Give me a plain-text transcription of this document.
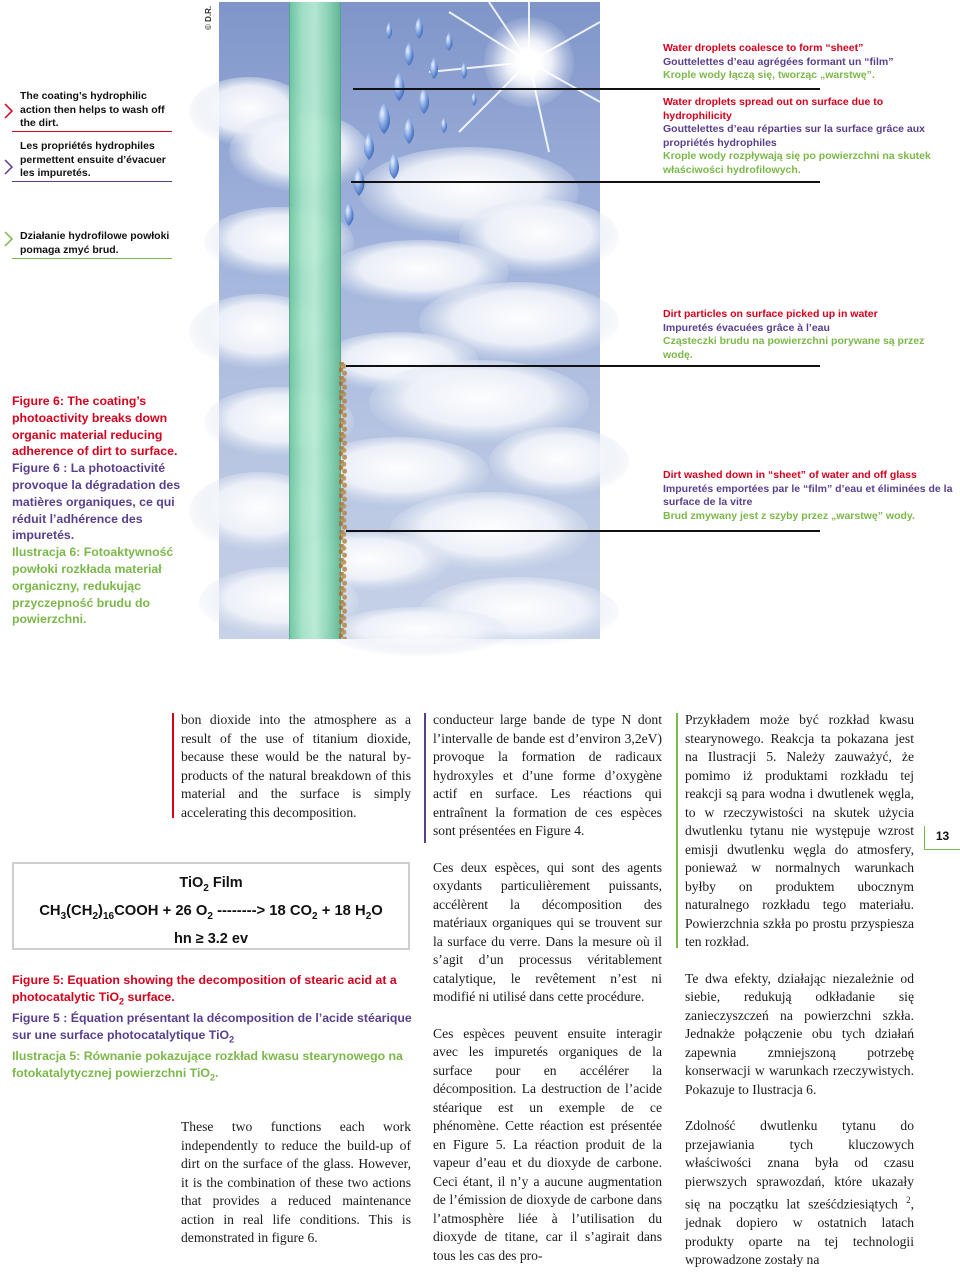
© D.R.
Water droplets coalesce to form “sheet”
Gouttelettes d’eau agrégées formant un “film”
Krople wody łączą się, tworząc „warstwę”.
Water droplets spread out on surface due to hydrophilicity
Gouttelettes d’eau réparties sur la surface grâce aux propriétés hydrophiles
Krople wody rozpływają się po powierzchni na skutek właściwości hydrofilowych.
Dirt particles on surface picked up in water
Impuretés évacuées grâce à l’eau
Cząsteczki brudu na powierzchni porywane są przez wodę.
Dirt washed down in “sheet” of water and off glass
Impuretés emportées par le “film” d’eau et éliminées de la surface de la vitre
Brud zmywany jest z szyby przez „warstwę” wody.
The coating’s hydrophilic action then helps to wash off the dirt.
Les propriétés hydrophiles permettent ensuite d’évacuer les impuretés.
Działanie hydrofilowe powłoki pomaga zmyć brud.
Figure 6: The coating’s photoactivity breaks down organic material reducing adherence of dirt to surface.
Figure 6 : La photoactivité provoque la dégradation des matières organiques, ce qui réduit l’adhérence des impuretés.
Ilustracja 6: Fotoaktywność powłoki rozkłada materiał organiczny, redukując przyczepność brudu do powierzchni.

bon dioxide into the atmosphere as a result of the use of titanium dioxide, because these would be the natural by-products of the natural breakdown of this material and the surface is simply accelerating this decomposition.

TiO$_2$ Film
$CH_3(CH_2)_{16}COOH + 26$ $O_2$ --------> 18 $CO_2 + 18$ $H_2O$
hn ≥ 3.2 ev
Figure 5: Equation showing the decomposition of stearic acid at a photocatalytic TiO$_2$ surface.
Figure 5 : Équation présentant la décomposition de l’acide stéarique sur une surface photocatalytique TiO$_2$
Ilustracja 5: Równanie pokazujące rozkład kwasu stearynowego na fotokatalytycznej powierzchni TiO$_2$.

These two functions each work independently to reduce the build-up of dirt on the surface of the glass. However, it is the combination of these two actions that provides a reduced maintenance action in real life conditions. This is demonstrated in figure 6.

conducteur large bande de type N dont l’intervalle de bande est d’environ 3,2eV) provoque la formation de radicaux hydroxyles et d’une forme d’oxygène actif en surface. Les réactions qui entraînent la formation de ces espèces sont présentées en Figure 4.

Ces deux espèces, qui sont des agents oxydants particulièrement puissants, accélèrent la décomposition des matériaux organiques qui se trouvent sur la surface du verre. Dans la mesure où il s’agit d’un processus véritablement catalytique, le revêtement n’est ni modifié ni utilisé dans cette procédure.

Ces espèces peuvent ensuite interagir avec les impuretés organiques de la surface pour en accélérer la décomposition. La destruction de l’acide stéarique est un exemple de ce phénomène. Cette réaction est présentée en Figure 5. La réaction produit de la vapeur d’eau et du dioxyde de carbone. Ceci étant, il n’y a aucune augmentation de l’émission de dioxyde de carbone dans l’atmosphère liée à l’utilisation du dioxyde de titane, car il s’agirait dans tous les cas des pro-

Przykładem może być rozkład kwasu stearynowego. Reakcja ta pokazana jest na Ilustracji 5. Należy zauważyć, że pomimo iż produktami rozkładu tej reakcji są para wodna i dwutlenek węgla, to w rzeczywistości na skutek użycia dwutlenku tytanu nie występuje wzrost emisji dwutlenku węgla do atmosfery, ponieważ w normalnych warunkach byłby on produktem ubocznym naturalnego rozkładu tego materiału. Powierzchnia szkła po prostu przyspiesza ten rozkład.

Te dwa efekty, działając niezależnie od siebie, redukują odkładanie się zanieczyszczeń na powierzchni szkła. Jednakże połączenie obu tych działań zapewnia zmniejszoną potrzebę konserwacji w warunkach rzeczywistych. Pokazuje to Ilustracja 6.

Zdolność dwutlenku tytanu do przejawiania tych kluczowych właściwości znana była od czasu pierwszych sprawozdań, które ukazały się na początku lat sześćdziesiątych $^2$, jednak dopiero w ostatnich latach produkty oparte na tej technologii wprowadzone zostały na

13
